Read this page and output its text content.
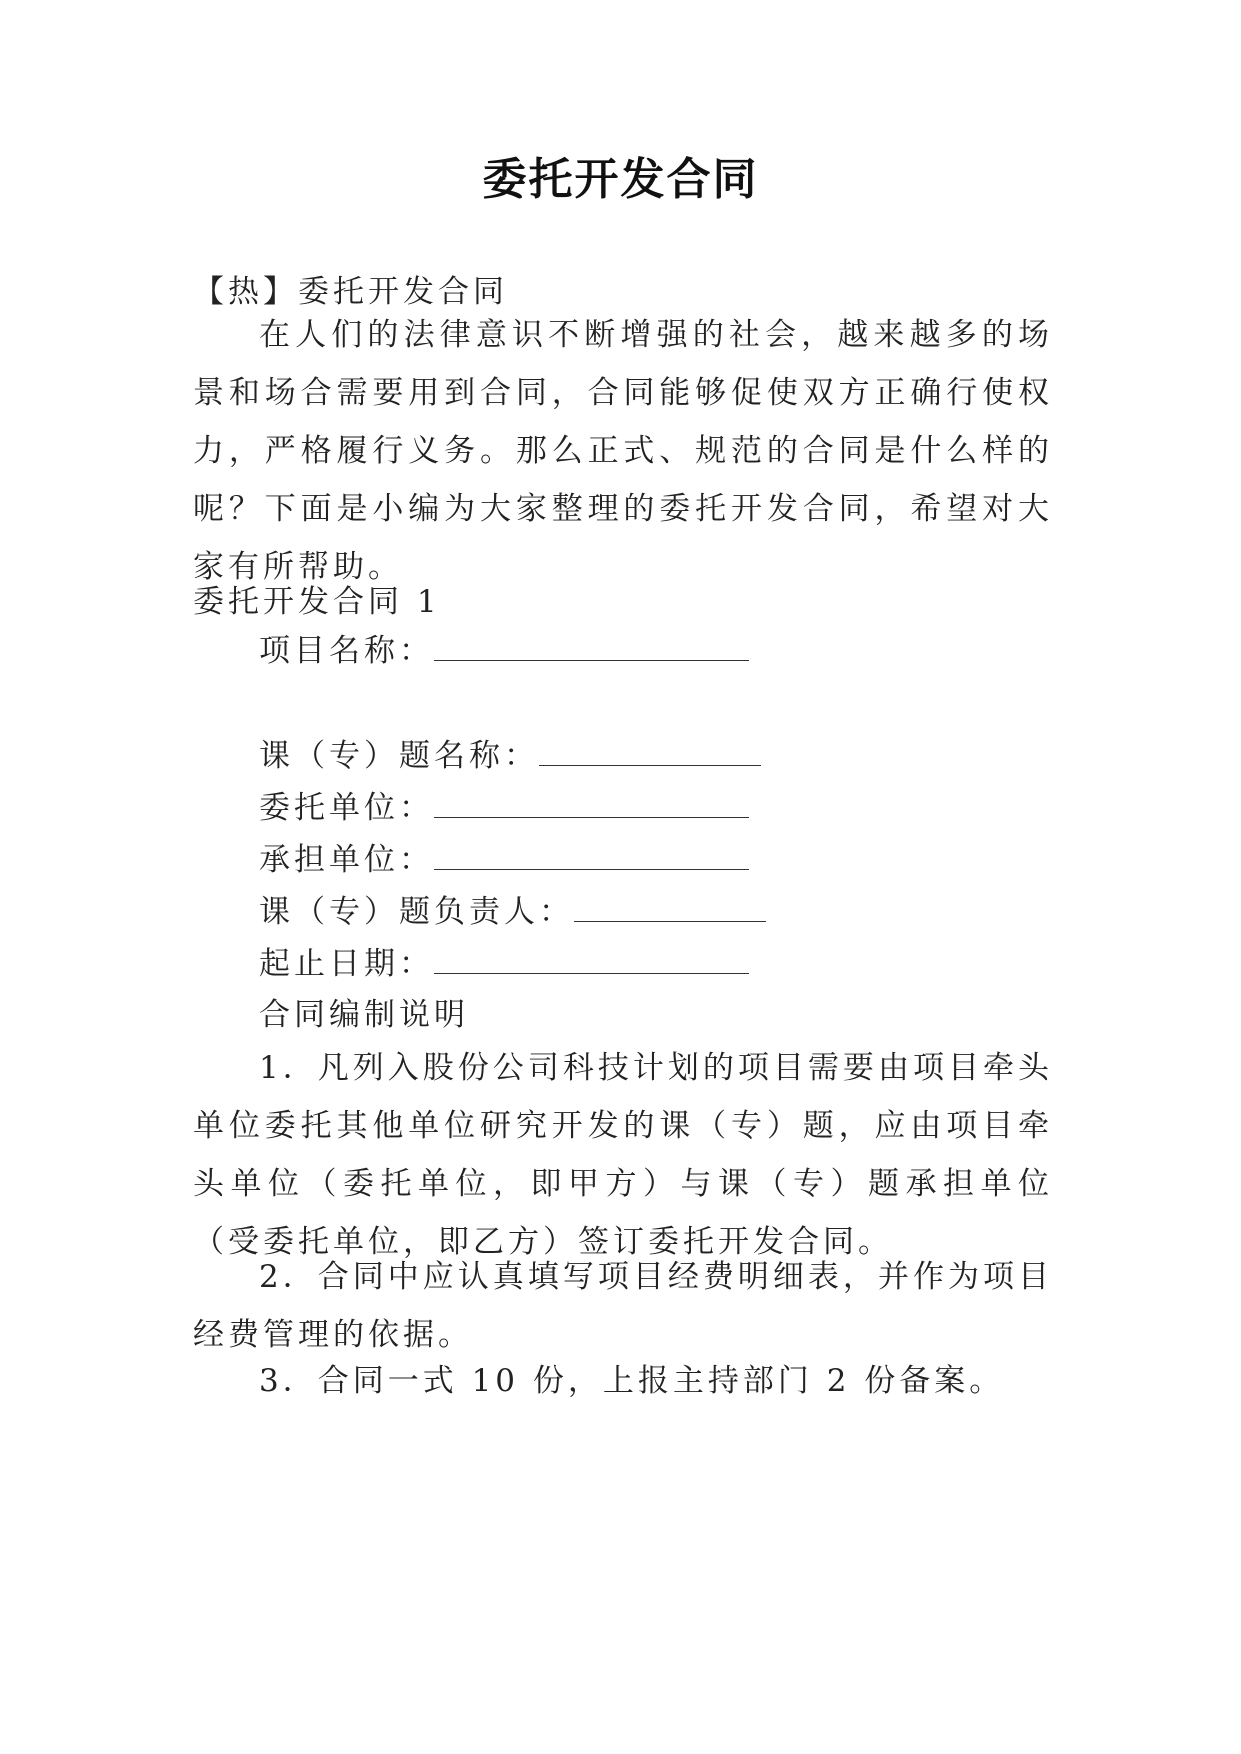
委托开发合同
【热】委托开发合同
在人们的法律意识不断增强的社会，越来越多的场景和场合需要用到合同，合同能够促使双方正确行使权力，严格履行义务。那么正式、规范的合同是什么样的呢？下面是小编为大家整理的委托开发合同，希望对大家有所帮助。
委托开发合同 1
项目名称：
课（专）题名称：
委托单位：
承担单位：
课（专）题负责人：
起止日期：
合同编制说明
1．凡列入股份公司科技计划的项目需要由项目牵头单位委托其他单位研究开发的课（专）题，应由项目牵头单位（委托单位，即甲方）与课（专）题承担单位（受委托单位，即乙方）签订委托开发合同。
2．合同中应认真填写项目经费明细表，并作为项目经费管理的依据。
3．合同一式 10 份，上报主持部门 2 份备案。
